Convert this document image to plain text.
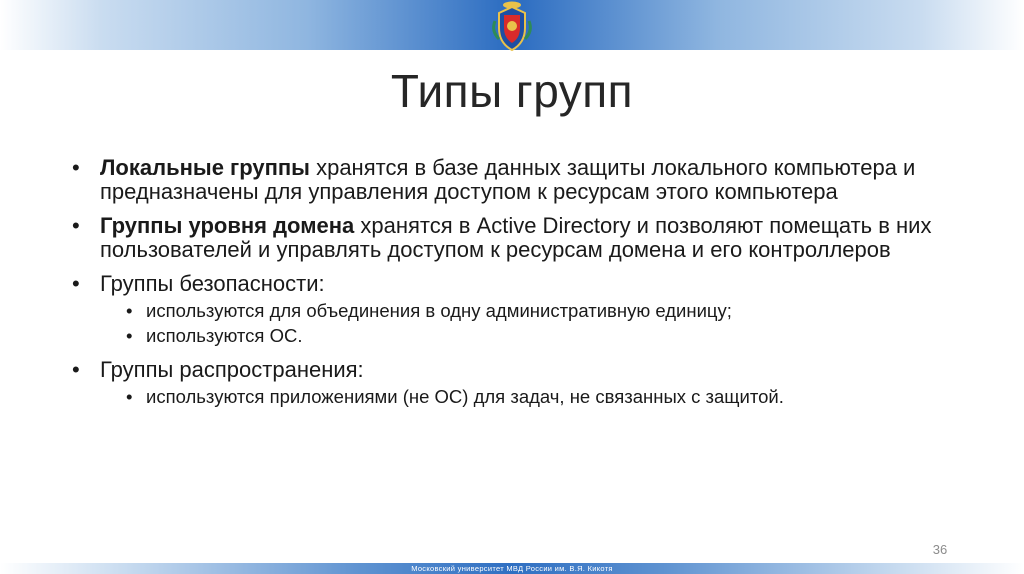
Типы групп
• Локальные группы хранятся в базе данных защиты локального компьютера и предназначены для управления доступом к ресурсам этого компьютера
• Группы уровня домена хранятся в Active Directory и позволяют помещать в них пользователей и управлять доступом к ресурсам домена и его контроллеров
• Группы безопасности:
• используются для объединения в одну административную единицу;
• используются ОС.
• Группы распространения:
• используются приложениями (не ОС) для задач, не связанных с защитой.
36
Московский университет МВД России им. В.Я. Кикотя
